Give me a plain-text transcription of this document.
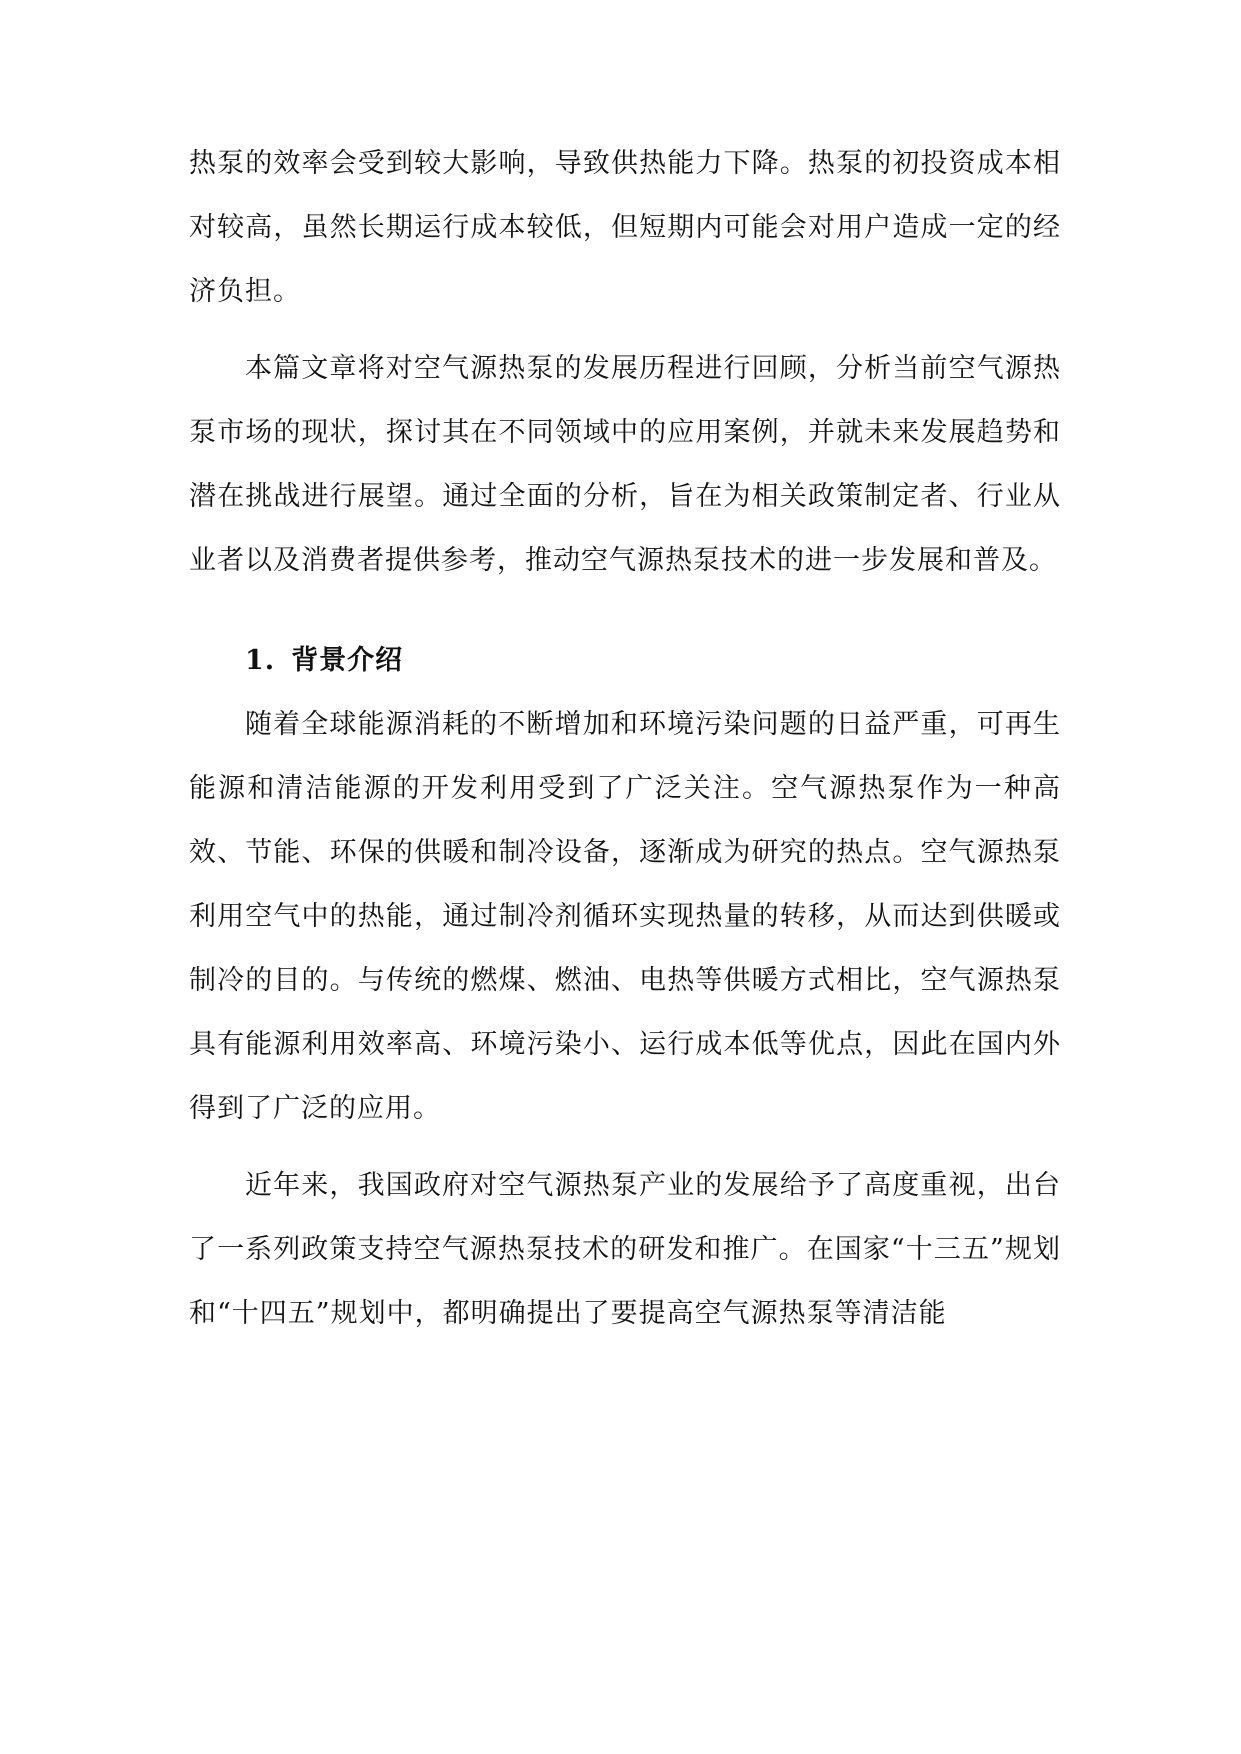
热泵的效率会受到较大影响，导致供热能力下降。热泵的初投资成本相对较高，虽然长期运行成本较低，但短期内可能会对用户造成一定的经济负担。

本篇文章将对空气源热泵的发展历程进行回顾，分析当前空气源热泵市场的现状，探讨其在不同领域中的应用案例，并就未来发展趋势和潜在挑战进行展望。通过全面的分析，旨在为相关政策制定者、行业从业者以及消费者提供参考，推动空气源热泵技术的进一步发展和普及。

1. 背景介绍

随着全球能源消耗的不断增加和环境污染问题的日益严重，可再生能源和清洁能源的开发利用受到了广泛关注。空气源热泵作为一种高效、节能、环保的供暖和制冷设备，逐渐成为研究的热点。空气源热泵利用空气中的热能，通过制冷剂循环实现热量的转移，从而达到供暖或制冷的目的。与传统的燃煤、燃油、电热等供暖方式相比，空气源热泵具有能源利用效率高、环境污染小、运行成本低等优点，因此在国内外得到了广泛的应用。

近年来，我国政府对空气源热泵产业的发展给予了高度重视，出台了一系列政策支持空气源热泵技术的研发和推广。在国家“十三五”规划和“十四五”规划中，都明确提出了要提高空气源热泵等清洁能
